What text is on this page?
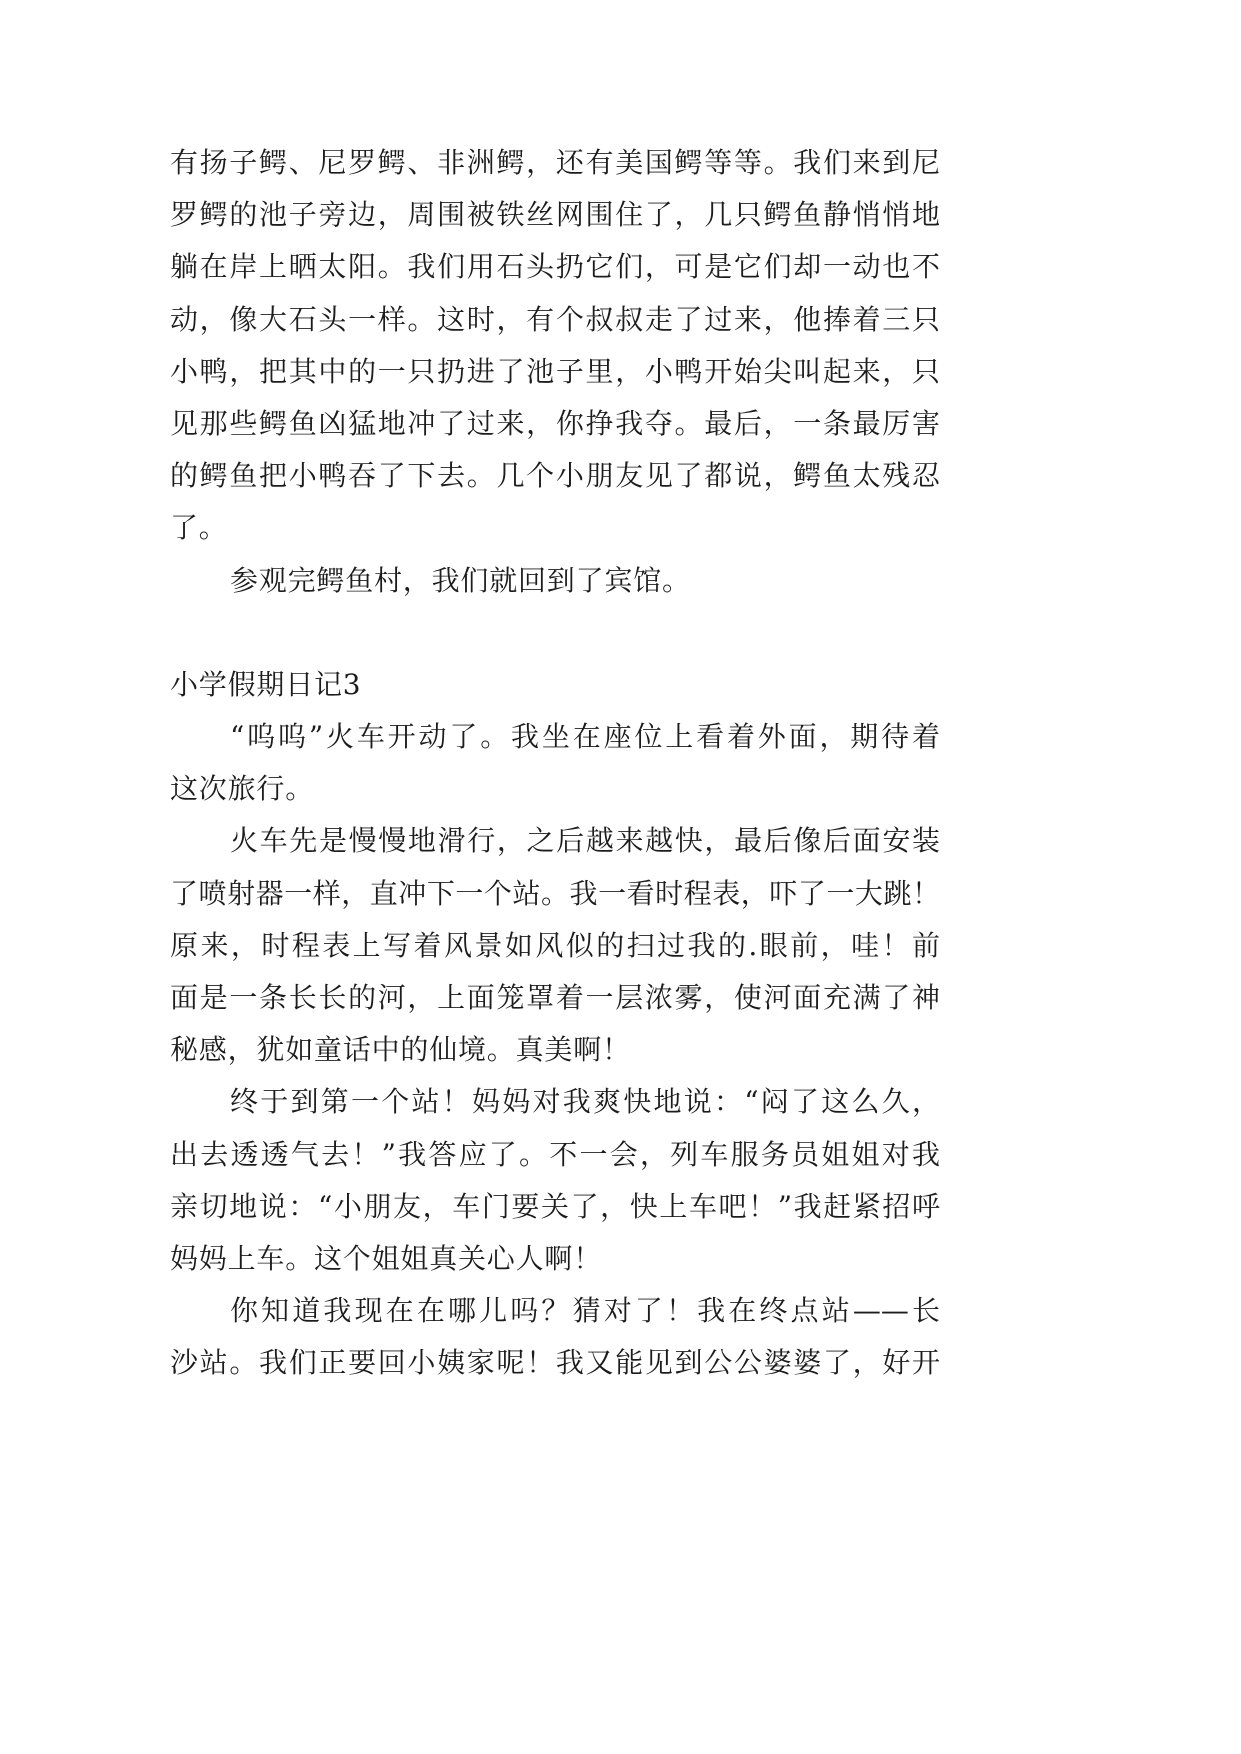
有扬子鳄、尼罗鳄、非洲鳄，还有美国鳄等等。我们来到尼
罗鳄的池子旁边，周围被铁丝网围住了，几只鳄鱼静悄悄地
躺在岸上晒太阳。我们用石头扔它们，可是它们却一动也不
动，像大石头一样。这时，有个叔叔走了过来，他捧着三只
小鸭，把其中的一只扔进了池子里，小鸭开始尖叫起来，只
见那些鳄鱼凶猛地冲了过来，你挣我夺。最后，一条最厉害
的鳄鱼把小鸭吞了下去。几个小朋友见了都说，鳄鱼太残忍
了。
参观完鳄鱼村，我们就回到了宾馆。
小学假期日记3
“呜呜”火车开动了。我坐在座位上看着外面，期待着
这次旅行。
火车先是慢慢地滑行，之后越来越快，最后像后面安装
了喷射器一样，直冲下一个站。我一看时程表，吓了一大跳！
原来，时程表上写着风景如风似的扫过我的.眼前，哇！前
面是一条长长的河，上面笼罩着一层浓雾，使河面充满了神
秘感，犹如童话中的仙境。真美啊！
终于到第一个站！妈妈对我爽快地说：“闷了这么久，
出去透透气去！”我答应了。不一会，列车服务员姐姐对我
亲切地说：“小朋友，车门要关了，快上车吧！”我赶紧招呼
妈妈上车。这个姐姐真关心人啊！
你知道我现在在哪儿吗？猜对了！我在终点站——长
沙站。我们正要回小姨家呢！我又能见到公公婆婆了，好开
